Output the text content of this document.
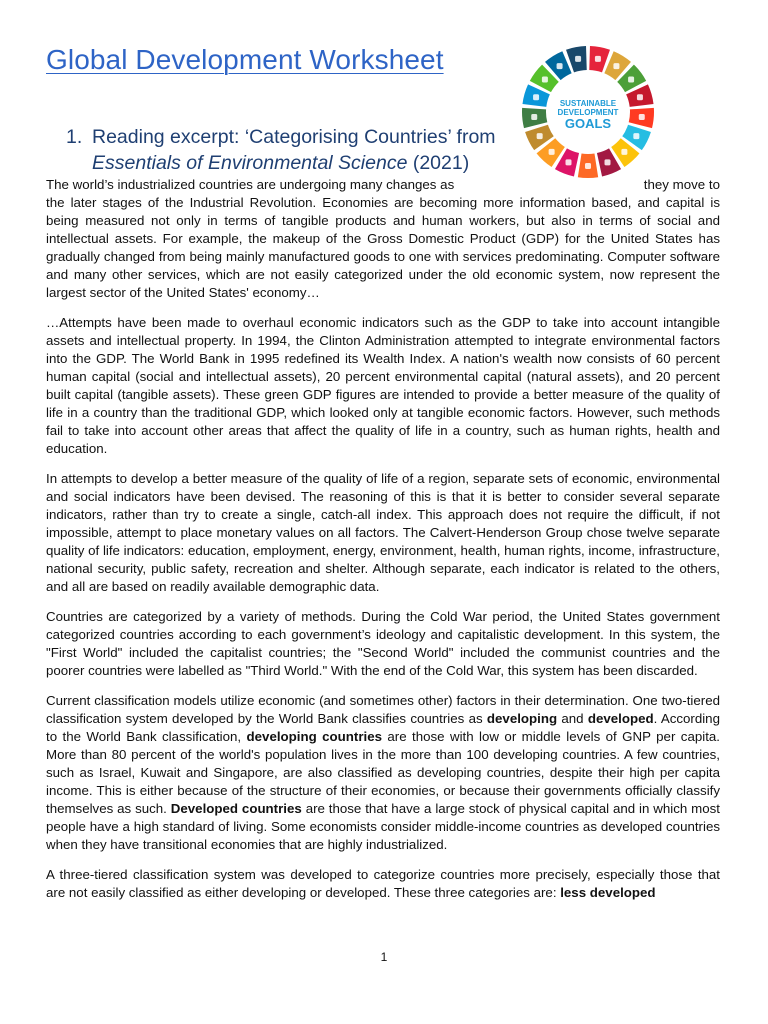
Global Development Worksheet
1. Reading excerpt: ‘Categorising Countries’ from
Essentials of Environmental Science (2021)
SUSTAINABLE
DEVELOPMENT
GOALS

The world’s industrialized countries are undergoing many changes as	they move to the later stages of the Industrial Revolution. Economies are becoming more information based, and capital is being measured not only in terms of tangible products and human workers, but also in terms of social and intellectual assets. For example, the makeup of the Gross Domestic Product (GDP) for the United States has gradually changed from being mainly manufactured goods to one with services predominating. Computer software and many other services, which are not easily categorized under the old economic system, now represent the largest sector of the United States' economy…

…Attempts have been made to overhaul economic indicators such as the GDP to take into account intangible assets and intellectual property. In 1994, the Clinton Administration attempted to integrate environmental factors into the GDP. The World Bank in 1995 redefined its Wealth Index. A nation's wealth now consists of 60 percent human capital (social and intellectual assets), 20 percent environmental capital (natural assets), and 20 percent built capital (tangible assets). These green GDP figures are intended to provide a better measure of the quality of life in a country than the traditional GDP, which looked only at tangible economic factors. However, such methods fail to take into account other areas that affect the quality of life in a country, such as human rights, health and education.

In attempts to develop a better measure of the quality of life of a region, separate sets of economic, environmental and social indicators have been devised. The reasoning of this is that it is better to consider several separate indicators, rather than try to create a single, catch-all index. This approach does not require the difficult, if not impossible, attempt to place monetary values on all factors. The Calvert-Henderson Group chose twelve separate quality of life indicators: education, employment, energy, environment, health, human rights, income, infrastructure, national security, public safety, recreation and shelter. Although separate, each indicator is related to the others, and all are based on readily available demographic data.

Countries are categorized by a variety of methods. During the Cold War period, the United States government categorized countries according to each government’s ideology and capitalistic development. In this system, the "First World" included the capitalist countries; the "Second World" included the communist countries and the poorer countries were labelled as "Third World." With the end of the Cold War, this system has been discarded.

Current classification models utilize economic (and sometimes other) factors in their determination. One two-tiered classification system developed by the World Bank classifies countries as developing and developed. According to the World Bank classification, developing countries are those with low or middle levels of GNP per capita. More than 80 percent of the world's population lives in the more than 100 developing countries. A few countries, such as Israel, Kuwait and Singapore, are also classified as developing countries, despite their high per capita income. This is either because of the structure of their economies, or because their governments officially classify themselves as such. Developed countries are those that have a large stock of physical capital and in which most people have a high standard of living. Some economists consider middle-income countries as developed countries when they have transitional economies that are highly industrialized.

A three-tiered classification system was developed to categorize countries more precisely, especially those that are not easily classified as either developing or developed. These three categories are: less developed

1
